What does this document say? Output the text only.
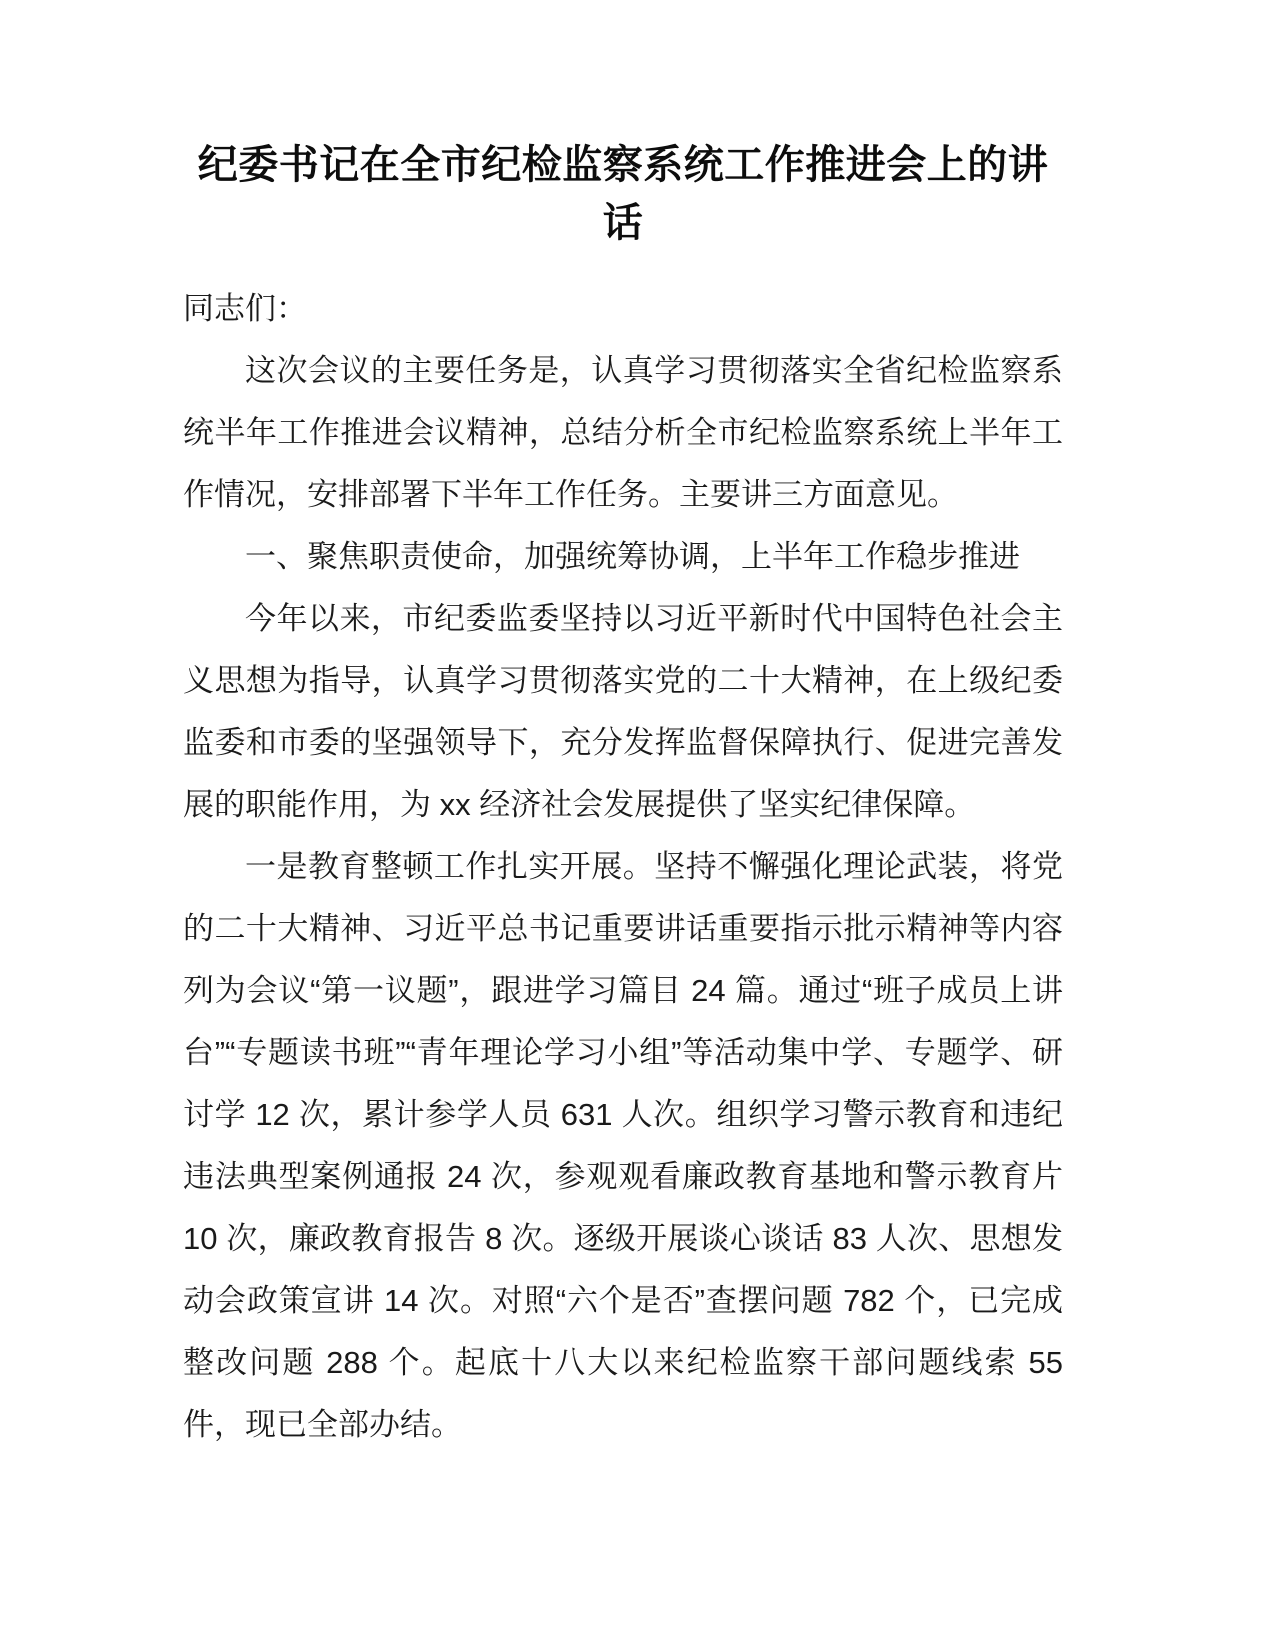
纪委书记在全市纪检监察系统工作推进会上的讲话

同志们：

这次会议的主要任务是，认真学习贯彻落实全省纪检监察系统半年工作推进会议精神，总结分析全市纪检监察系统上半年工作情况，安排部署下半年工作任务。主要讲三方面意见。

一、聚焦职责使命，加强统筹协调，上半年工作稳步推进

今年以来，市纪委监委坚持以习近平新时代中国特色社会主义思想为指导，认真学习贯彻落实党的二十大精神，在上级纪委监委和市委的坚强领导下，充分发挥监督保障执行、促进完善发展的职能作用，为 xx 经济社会发展提供了坚实纪律保障。

一是教育整顿工作扎实开展。坚持不懈强化理论武装，将党的二十大精神、习近平总书记重要讲话重要指示批示精神等内容列为会议“第一议题”，跟进学习篇目 24 篇。通过“班子成员上讲台”“专题读书班”“青年理论学习小组”等活动集中学、专题学、研讨学 12 次，累计参学人员 631 人次。组织学习警示教育和违纪违法典型案例通报 24 次，参观观看廉政教育基地和警示教育片 10 次，廉政教育报告 8 次。逐级开展谈心谈话 83 人次、思想发动会政策宣讲 14 次。对照“六个是否”查摆问题 782 个，已完成整改问题 288 个。起底十八大以来纪检监察干部问题线索 55 件，现已全部办结。
